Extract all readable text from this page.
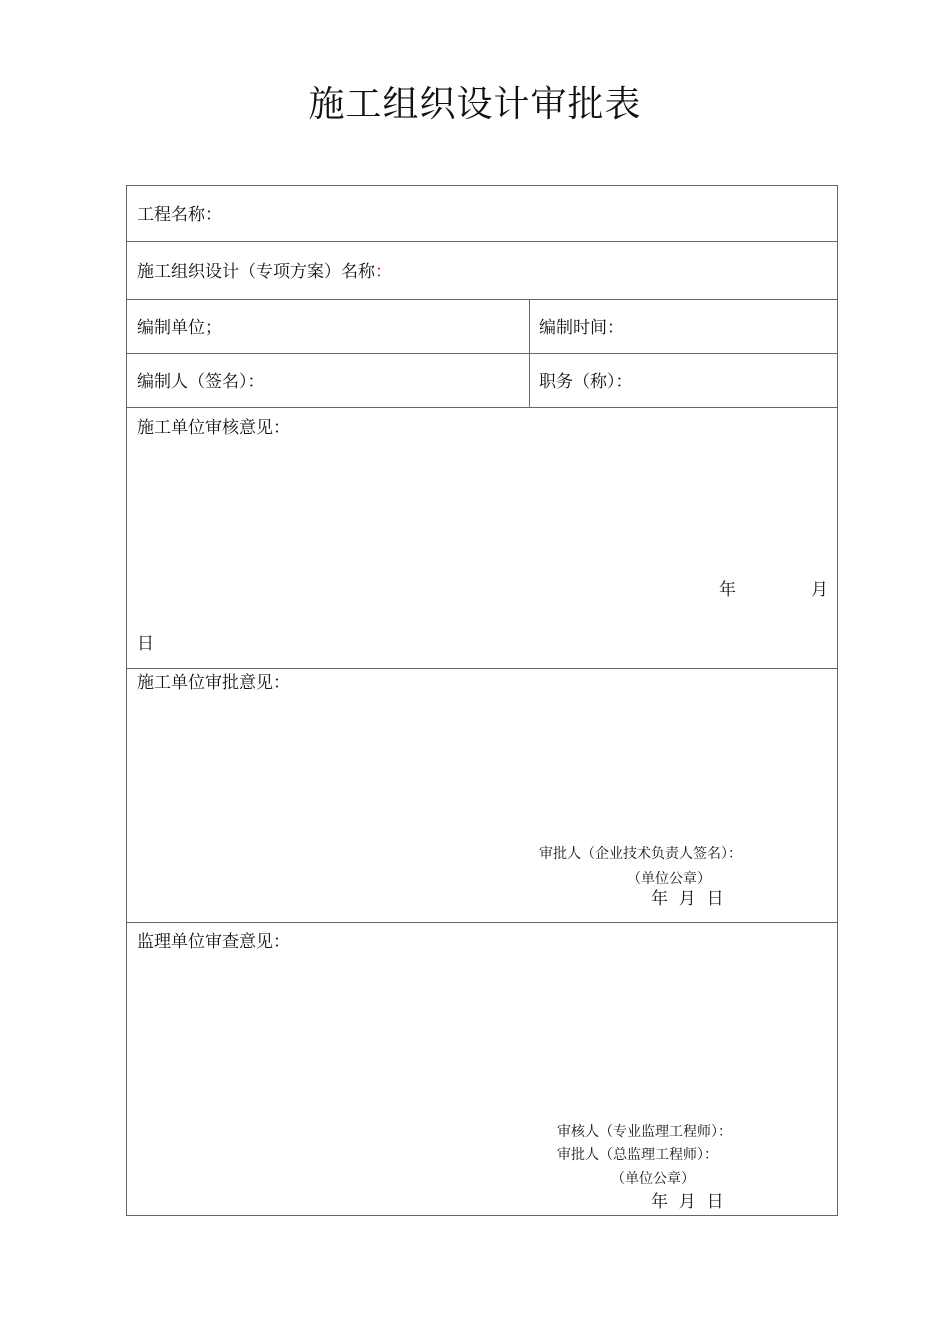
施工组织设计审批表
工程名称：
施工组织设计（专项方案）名称：
编制单位；	编制时间：
编制人（签名）：	职务（称）：
施工单位审核意见：
年	月
日
施工单位审批意见：
审批人（企业技术负责人签名）：
（单位公章）
年  月  日
监理单位审查意见：
审核人（专业监理工程师）：
审批人（总监理工程师）：
（单位公章）
年  月  日
